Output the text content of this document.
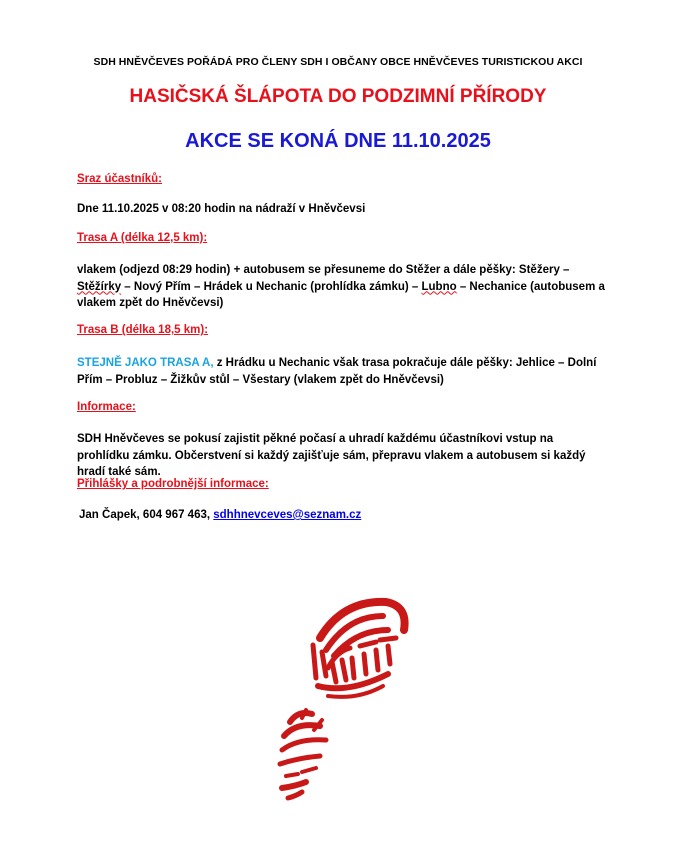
SDH HNĚVČEVES POŘÁDÁ PRO ČLENY SDH I OBČANY OBCE HNĚVČEVES TURISTICKOU AKCI
HASIČSKÁ ŠLÁPOTA DO PODZIMNÍ PŘÍRODY
AKCE SE KONÁ DNE 11.10.2025
Sraz účastníků:
Dne 11.10.2025 v 08:20 hodin na nádraží v Hněvčevsi
Trasa A (délka 12,5 km):
vlakem (odjezd 08:29 hodin) + autobusem se přesuneme do Stěžer a dále pěšky: Stěžery – Stěžírky – Nový Přím – Hrádek u Nechanic (prohlídka zámku) – Lubno – Nechanice (autobusem a vlakem zpět do Hněvčevsi)
Trasa B (délka 18,5 km):
STEJNĚ JAKO TRASA A, z Hrádku u Nechanic však trasa pokračuje dále pěšky: Jehlice – Dolní Přím – Probluz – Žižkův stůl – Všestary (vlakem zpět do Hněvčevsi)
Informace:
SDH Hněvčeves se pokusí zajistit pěkné počasí a uhradí každému účastníkovi vstup na prohlídku zámku. Občerstvení si každý zajišťuje sám, přepravu vlakem a autobusem si každý hradí také sám.
Přihlášky a podrobnější informace:
Jan Čapek, 604 967 463, sdhhnevceves@seznam.cz
